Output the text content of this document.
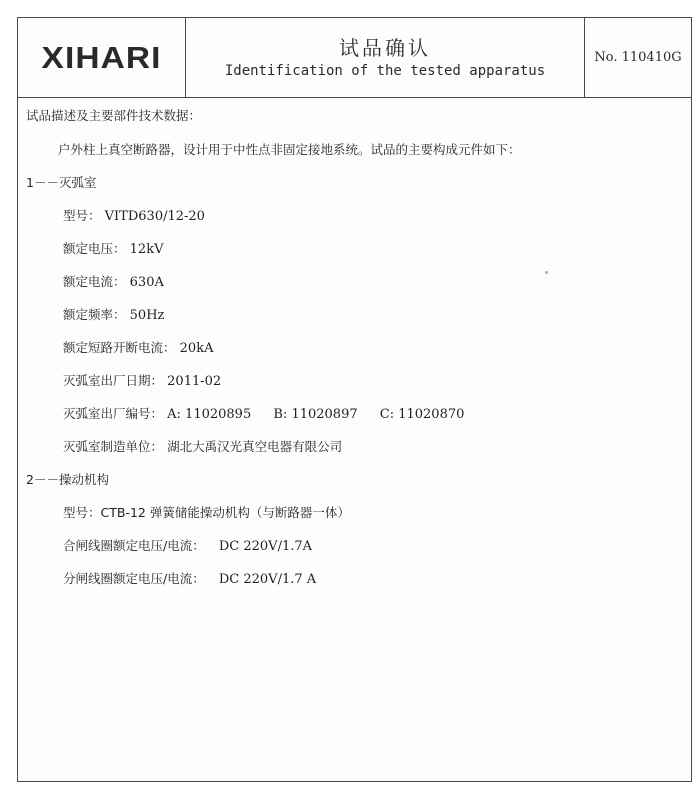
XIHARI	试品确认
Identification of the tested apparatus
No. 110410G
试品描述及主要部件技术数据：
户外柱上真空断路器，设计用于中性点非固定接地系统。试品的主要构成元件如下：
1－－灭弧室
型号： VITD630/12-20
额定电压： 12kV
额定电流： 630A
额定频率： 50Hz
额定短路开断电流： 20kA
灭弧室出厂日期： 2011-02
灭弧室出厂编号： A: 11020895 B: 11020897 C: 11020870
灭弧室制造单位： 湖北大禹汉光真空电器有限公司
2－－操动机构
型号：CTB-12 弹簧储能操动机构（与断路器一体）
合闸线圈额定电压/电流： DC 220V/1.7A
分闸线圈额定电压/电流： DC 220V/1.7 A
